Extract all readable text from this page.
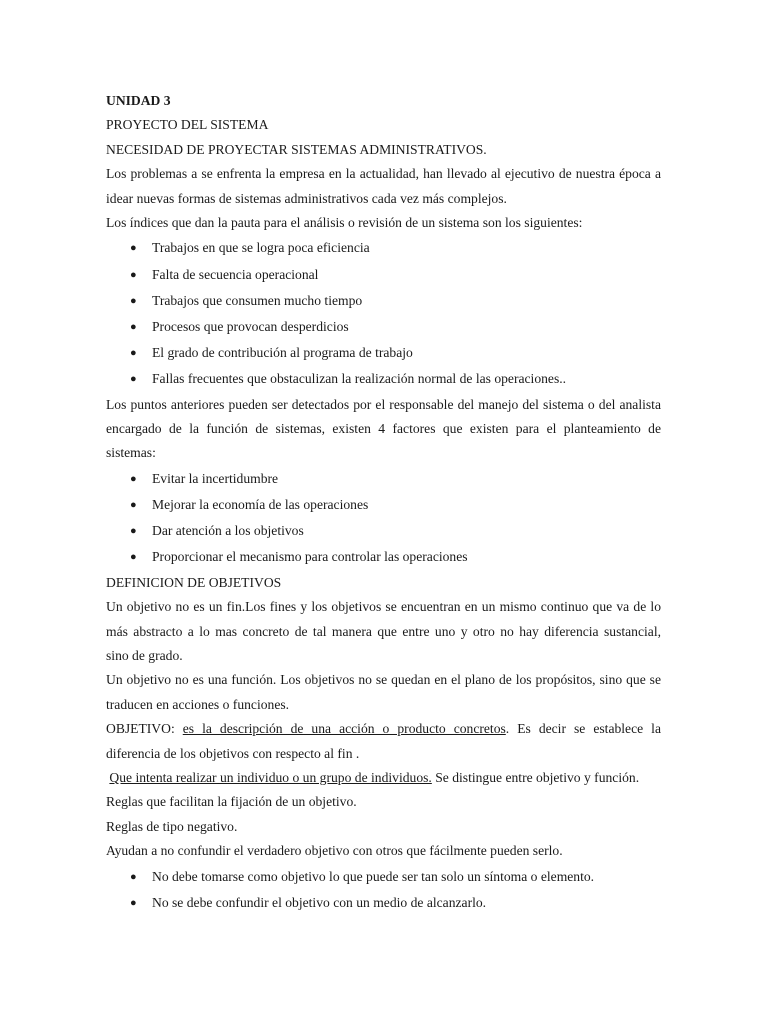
UNIDAD 3

PROYECTO DEL SISTEMA

NECESIDAD DE PROYECTAR SISTEMAS ADMINISTRATIVOS.

Los problemas a se enfrenta la empresa en la actualidad, han llevado al ejecutivo de nuestra época a
idear nuevas formas de sistemas administrativos cada vez más complejos.

Los índices que dan la pauta para el análisis o revisión de un sistema son los siguientes:

● Trabajos en que se logra poca eficiencia
● Falta de secuencia operacional
● Trabajos que consumen mucho tiempo
● Procesos que provocan desperdicios
● El grado de contribución al programa de trabajo
● Fallas frecuentes que obstaculizan la realización normal de las operaciones..
Los puntos anteriores pueden ser detectados por el responsable del manejo del sistema o del analista
encargado de la función de sistemas, existen 4 factores que existen para el planteamiento de
sistemas:
● Evitar la incertidumbre
● Mejorar la economía de las operaciones
● Dar atención a los objetivos
● Proporcionar el mecanismo para controlar las operaciones

DEFINICION DE OBJETIVOS

Un objetivo no es un fin.Los fines y los objetivos se encuentran en un mismo continuo que va de lo
más abstracto a lo mas concreto de tal manera que entre uno y otro no hay diferencia sustancial,
sino de grado.
Un objetivo no es una función. Los objetivos no se quedan en el plano de los propósitos, sino que se
traducen en acciones o funciones.
OBJETIVO: es la descripción de una acción o producto concretos. Es decir se establece la
diferencia de los objetivos con respecto al fin .

Que intenta realizar un individuo o un grupo de individuos. Se distingue entre objetivo y función.

Reglas que facilitan la fijación de un objetivo.

Reglas de tipo negativo.

Ayudan a no confundir el verdadero objetivo con otros que fácilmente pueden serlo.

● No debe tomarse como objetivo lo que puede ser tan solo un síntoma o elemento.
● No se debe confundir el objetivo con un medio de alcanzarlo.
